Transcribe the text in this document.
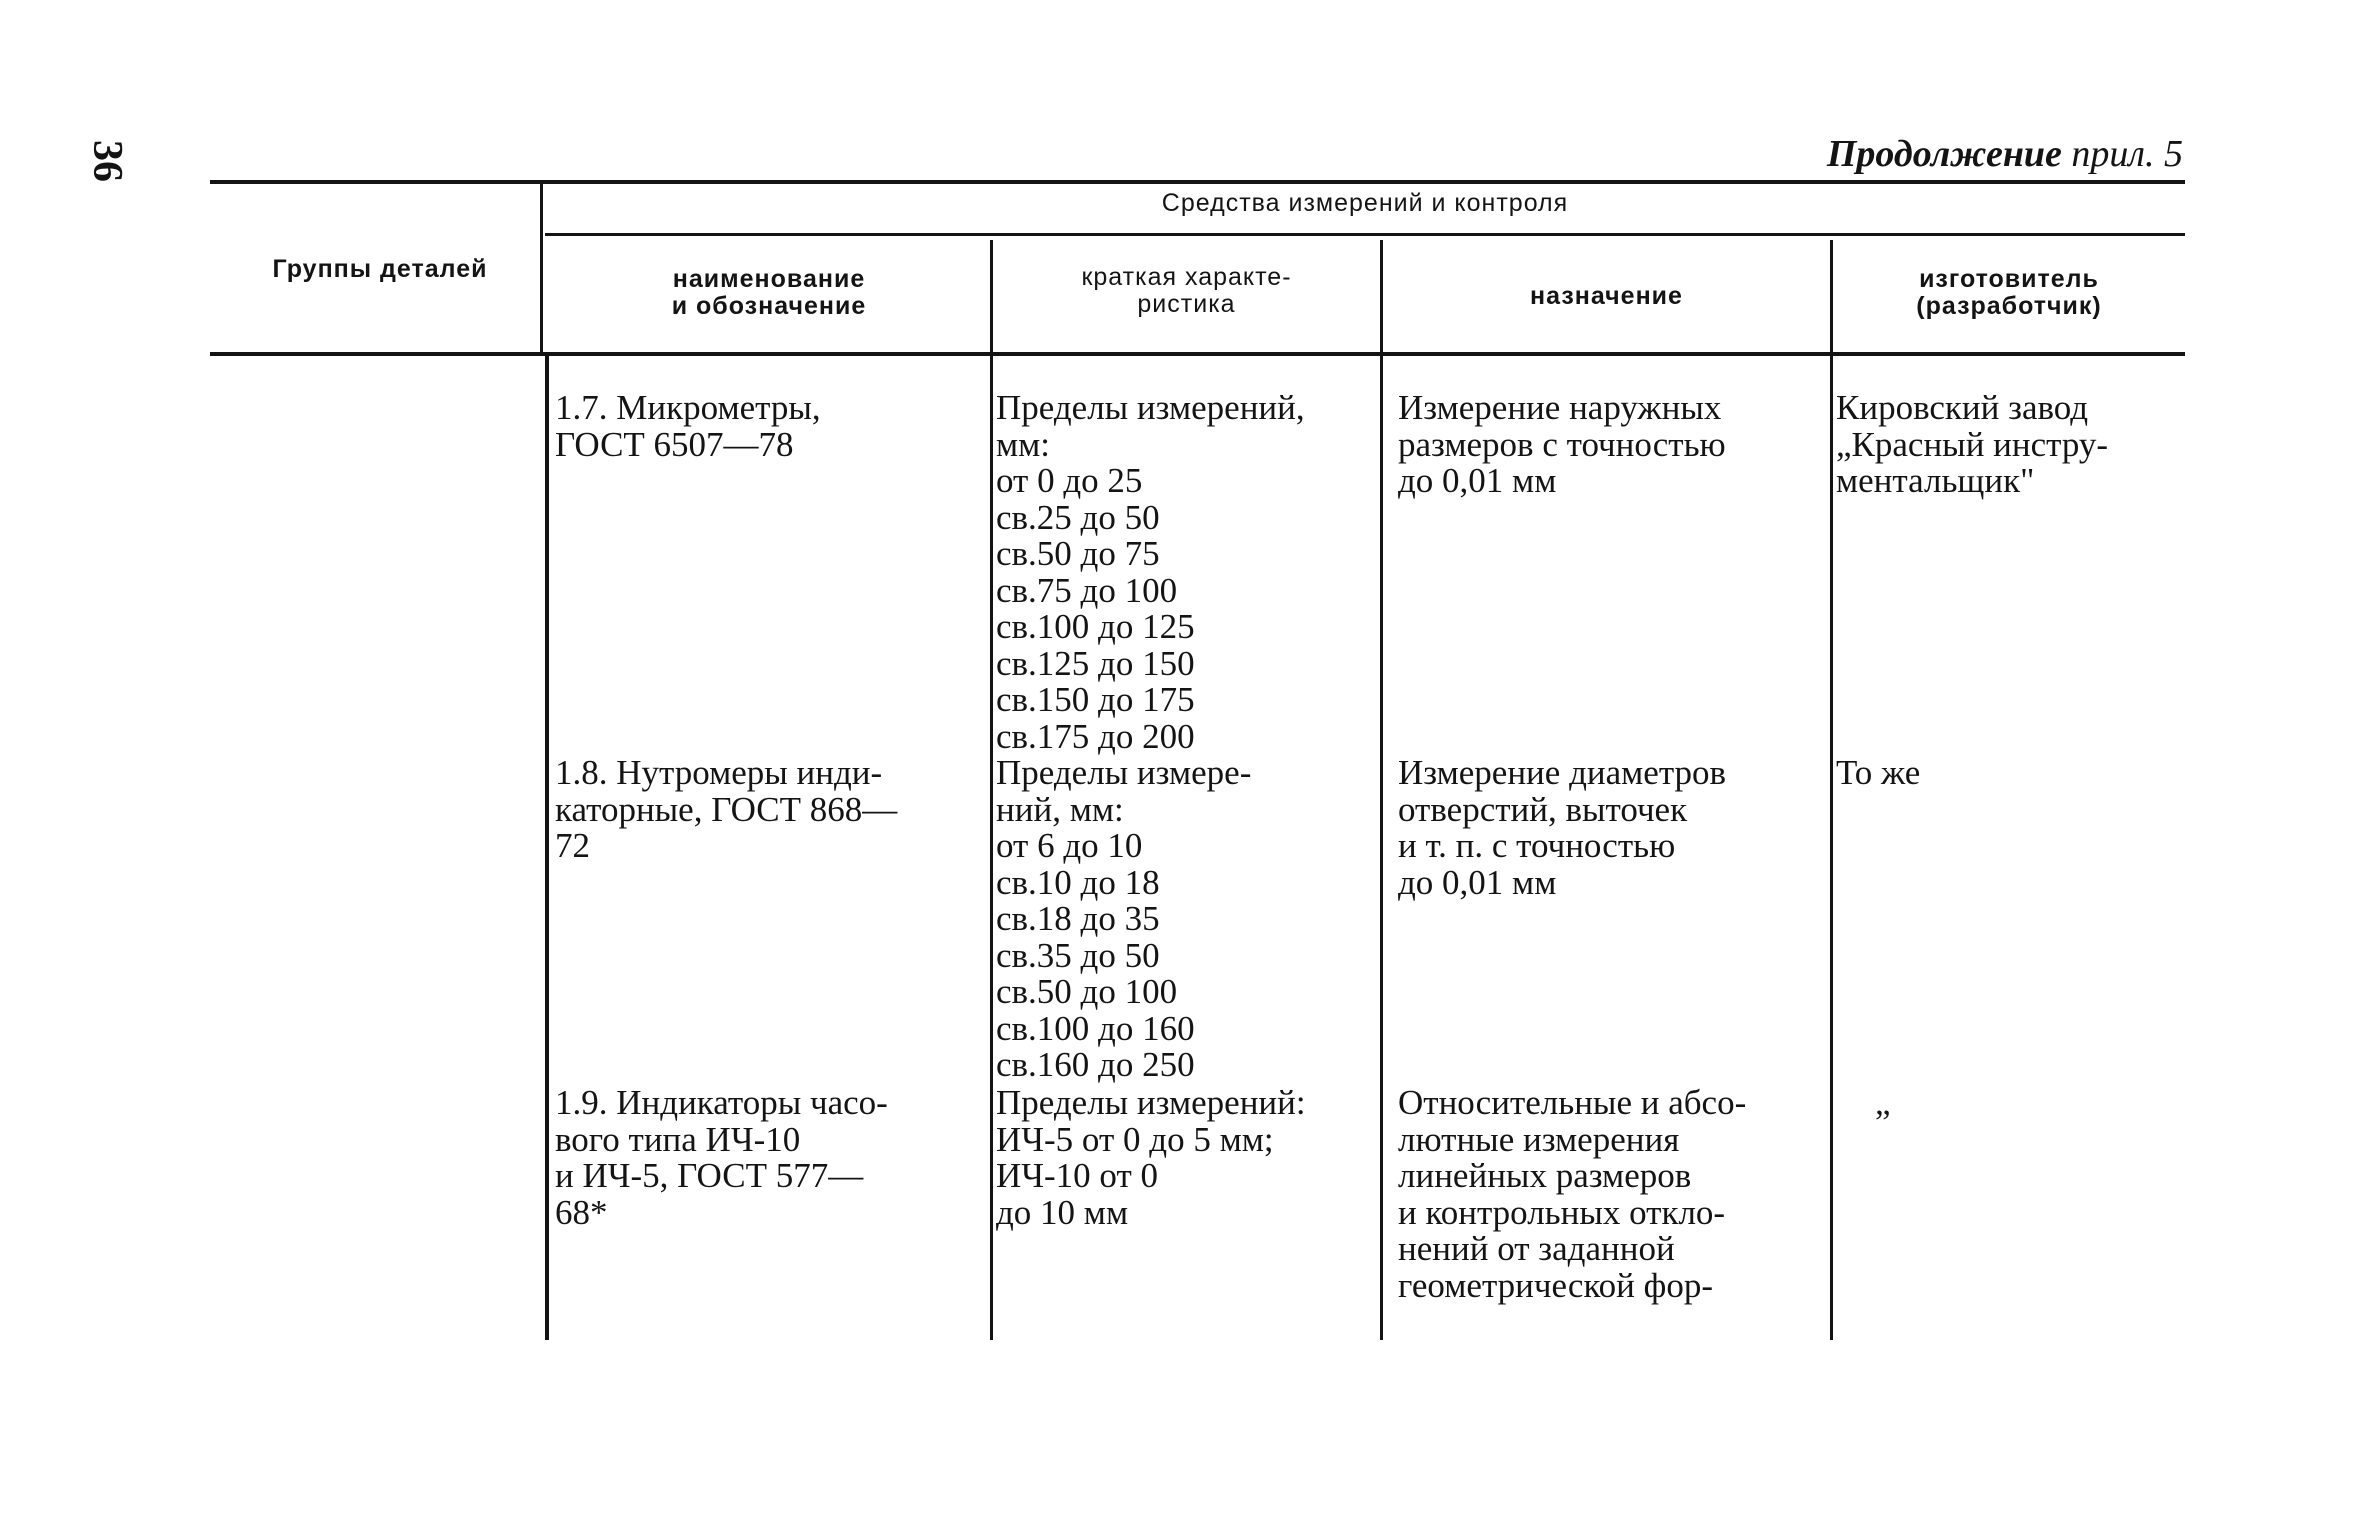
36	Продолжение прил. 5
Группы деталей
Средства измерений и контроля
наименование
и обозначение
краткая характе-
ристика	назначение
изготовитель
(разработчик)
1.7. Микрометры,
ГОСТ 6507—78
Пределы измерений,
мм:
от 0 до 25
св.25 до 50
св.50 до 75
св.75 до 100
св.100 до 125
св.125 до 150
св.150 до 175
св.175 до 200
Измерение наружных
размеров с точностью
до 0,01 мм
Кировский завод
„Красный инстру-
ментальщик"
1.8. Нутромеры инди-
каторные, ГОСТ 868—
72
Пределы измере-
ний, мм:
от 6 до 10
св.10 до 18
св.18 до 35
св.35 до 50
св.50 до 100
св.100 до 160
св.160 до 250
Измерение диаметров
отверстий, выточек
и т. п. с точностью
до 0,01 мм
То же
1.9. Индикаторы часо-
вого типа ИЧ-10
и ИЧ-5, ГОСТ 577—
68*
Пределы измерений:
ИЧ-5 от 0 до 5 мм;
ИЧ-10 от 0
до 10 мм
Относительные и абсо-
лютные измерения
линейных размеров
и контрольных откло-
нений от заданной
геометрической фор-
„
